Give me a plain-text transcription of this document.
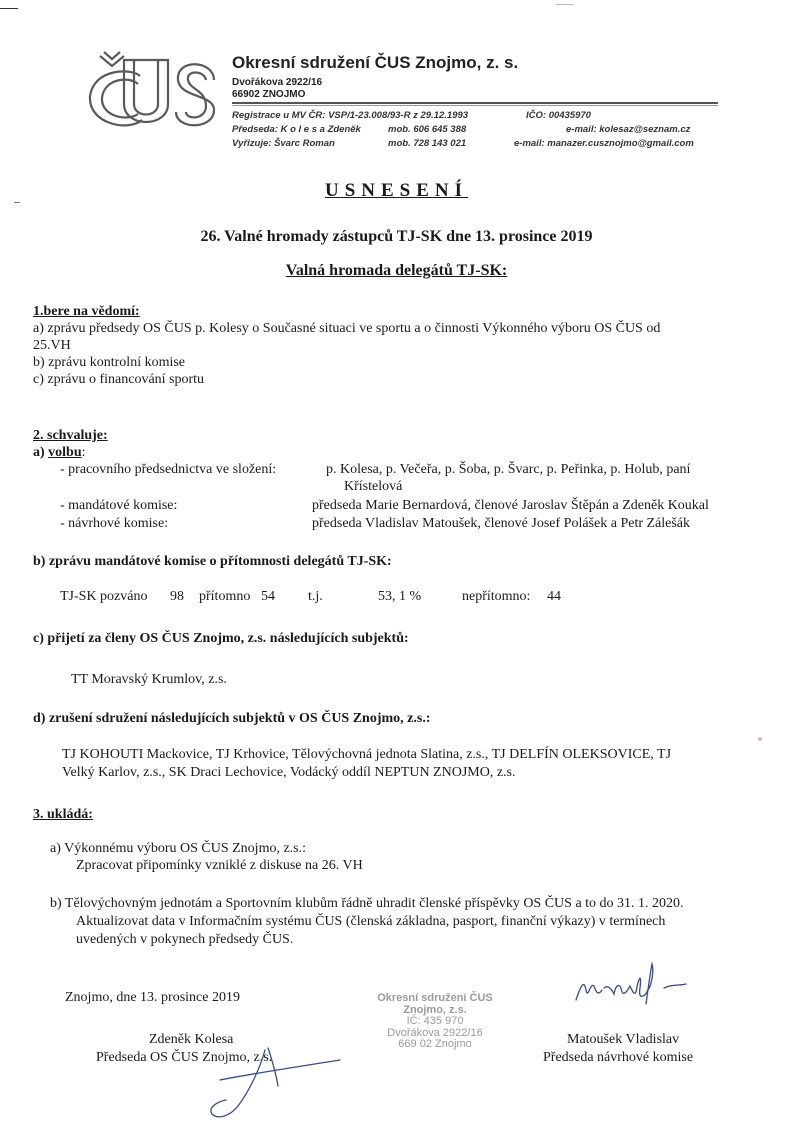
Okresní sdružení ČUS Znojmo, z. s.
Dvořákova 2922/16
66902 ZNOJMO
Registrace u MV ČR: VSP/1-23.008/93-R z 29.12.1993	IČO: 00435970
Předseda: K o l e s a Zdeněk	mob. 606 645 388	e-mail: kolesaz@seznam.cz
Vyřizuje: Švarc Roman	mob. 728 143 021	e-mail: manazer.cusznojmo@gmail.com
USNESENÍ
26. Valné hromady zástupců TJ-SK dne 13. prosince 2019
Valná hromada delegátů TJ-SK:
1.bere na vědomí:
a) zprávu předsedy OS ČUS p. Kolesy o Současné situaci ve sportu a o činnosti Výkonného výboru OS ČUS od
25.VH
b) zprávu kontrolní komise
c) zprávu o financování sportu
2. schvaluje:
a) volbu:
- pracovního předsednictva ve složení:	p. Kolesa, p. Večeřa, p. Šoba, p. Švarc, p. Peřinka, p. Holub, paní
Křístelová
- mandátové komise:	předseda Marie Bernardová, členové Jaroslav Štěpán a Zdeněk Koukal
- návrhové komise:	předseda Vladislav Matoušek, členové Josef Polášek a Petr Zálešák
b) zprávu mandátové komise o přítomnosti delegátů TJ-SK:
TJ-SK pozváno 98 přítomno 54 t.j.	53, 1 %	nepřítomno: 44
c) přijetí za členy OS ČUS Znojmo, z.s. následujících subjektů:
TT Moravský Krumlov, z.s.
d) zrušení sdružení následujících subjektů v OS ČUS Znojmo, z.s.:
TJ KOHOUTI Mackovice, TJ Krhovice, Tělovýchovná jednota Slatina, z.s., TJ DELFÍN OLEKSOVICE, TJ
Velký Karlov, z.s., SK Draci Lechovice, Vodácký oddíl NEPTUN ZNOJMO, z.s.
3. ukládá:
a) Výkonnému výboru OS ČUS Znojmo, z.s.:
Zpracovat připomínky vzniklé z diskuse na 26. VH
b) Tělovýchovným jednotám a Sportovním klubům řádně uhradit členské příspěvky OS ČUS a to do 31. 1. 2020.
Aktualizovat data v Informačním systému ČUS (členská základna, pasport, finanční výkazy) v termínech
uvedených v pokynech předsedy ČUS.
Znojmo, dne 13. prosince 2019
Zdeněk Kolesa
Předseda OS ČUS Znojmo, z.s.
Matoušek Vladislav
Předseda návrhové komise
Okresní sdružení ČUS
Znojmo, z.s.
IČ: 435 970
Dvořákova 2922/16
669 02 Znojmo
